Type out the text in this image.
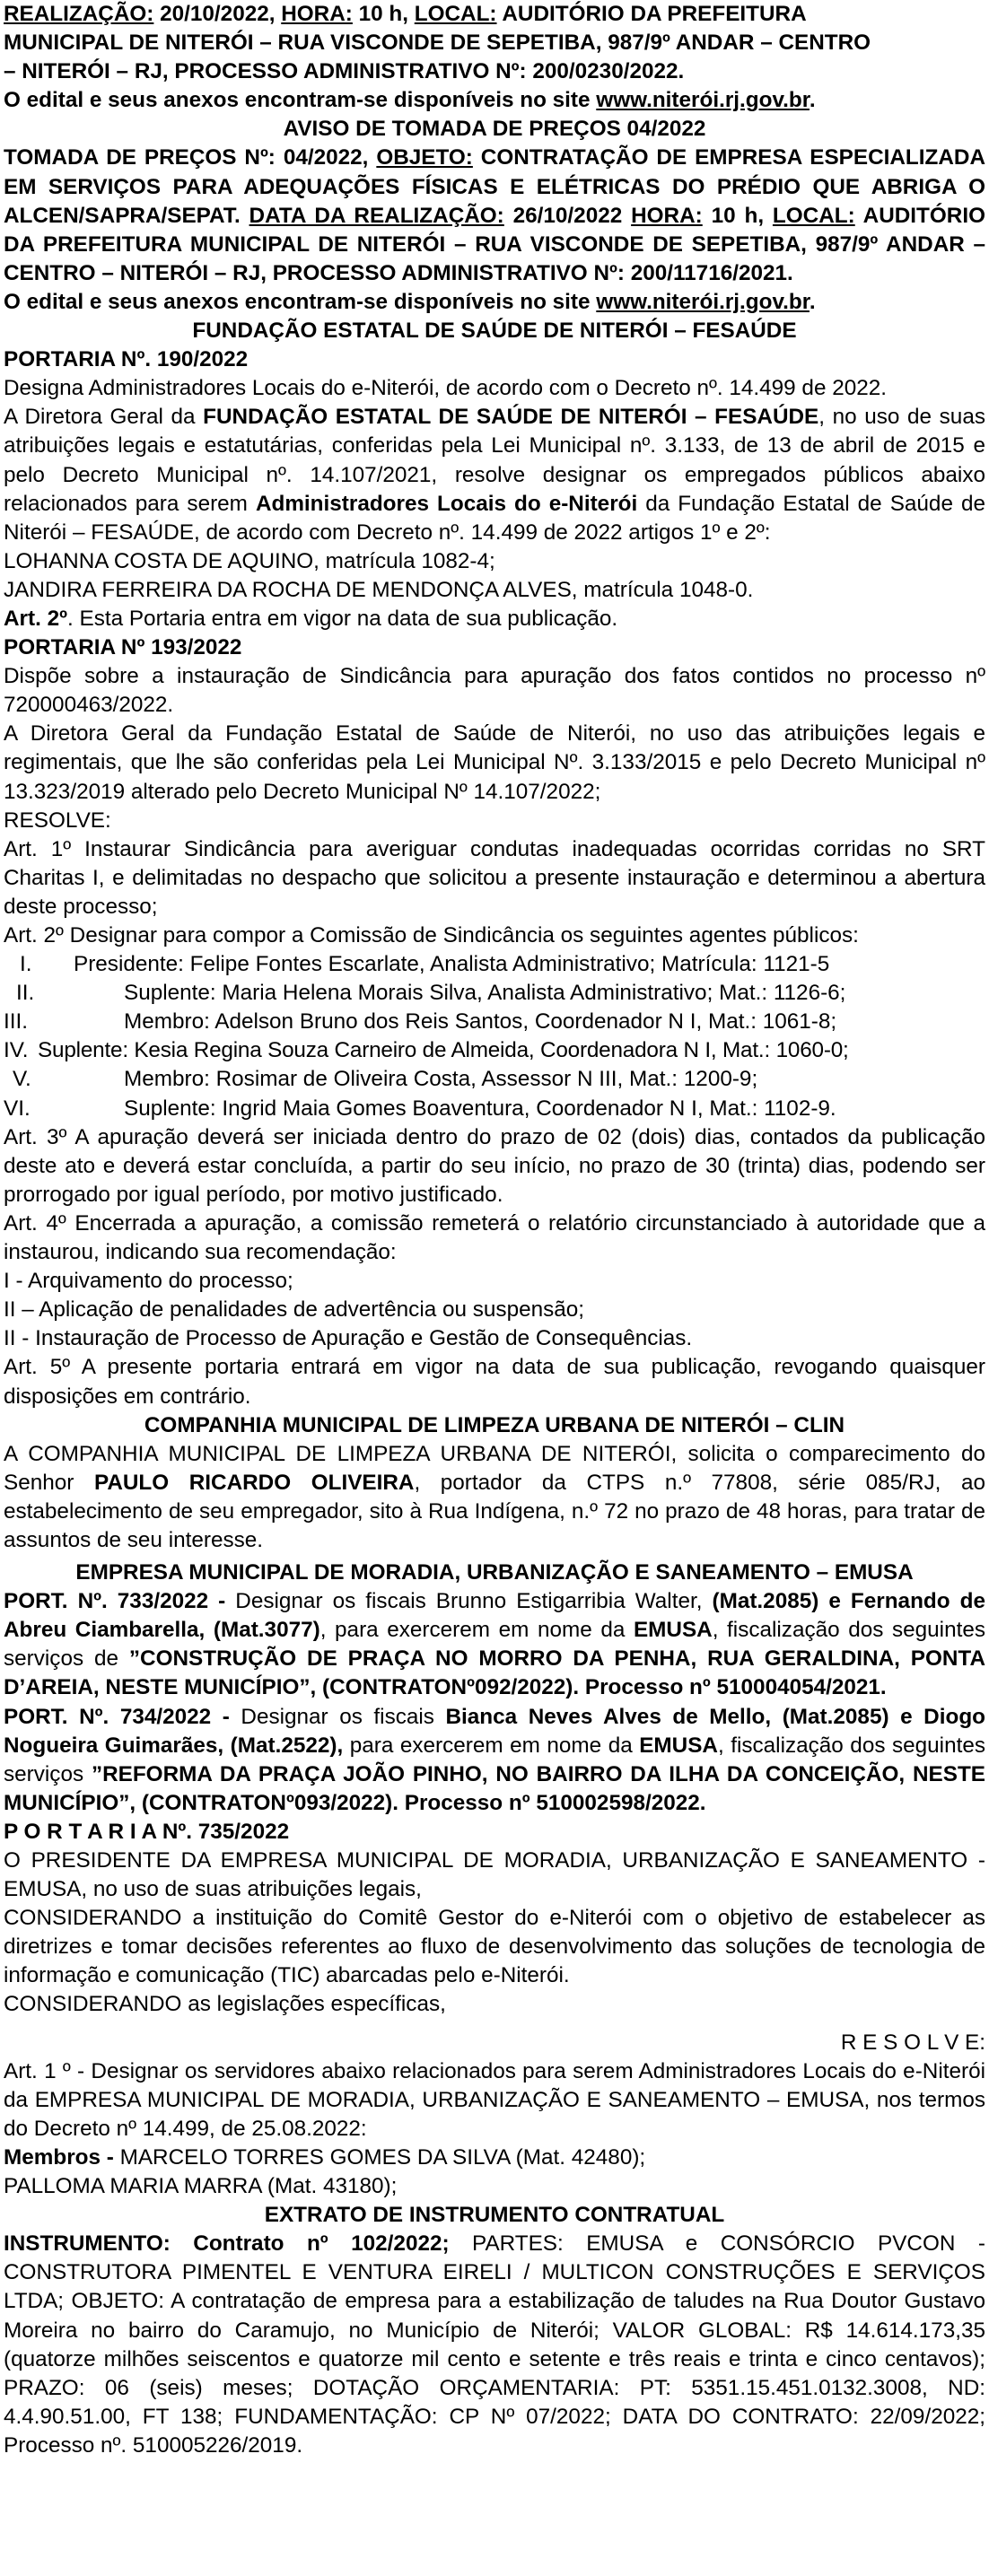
REALIZAÇÃO: 20/10/2022, HORA: 10 h, LOCAL: AUDITÓRIO DA PREFEITURA

MUNICIPAL DE NITERÓI – RUA VISCONDE DE SEPETIBA, 987/9º ANDAR – CENTRO

– NITERÓI – RJ, PROCESSO ADMINISTRATIVO Nº: 200/0230/2022.

O edital e seus anexos encontram-se disponíveis no site www.niterói.rj.gov.br.

AVISO DE TOMADA DE PREÇOS 04/2022

TOMADA DE PREÇOS Nº: 04/2022, OBJETO: CONTRATAÇÃO DE EMPRESA ESPECIALIZADA EM SERVIÇOS PARA ADEQUAÇÕES FÍSICAS E ELÉTRICAS DO PRÉDIO QUE ABRIGA O ALCEN/SAPRA/SEPAT. DATA DA REALIZAÇÃO: 26/10/2022 HORA: 10 h, LOCAL: AUDITÓRIO DA PREFEITURA MUNICIPAL DE NITERÓI – RUA VISCONDE DE SEPETIBA, 987/9º ANDAR – CENTRO – NITERÓI – RJ, PROCESSO ADMINISTRATIVO Nº: 200/11716/2021.

O edital e seus anexos encontram-se disponíveis no site www.niterói.rj.gov.br.

FUNDAÇÃO ESTATAL DE SAÚDE DE NITERÓI – FESAÚDE

PORTARIA Nº. 190/2022

Designa Administradores Locais do e-Niterói, de acordo com o Decreto nº. 14.499 de 2022.

A Diretora Geral da FUNDAÇÃO ESTATAL DE SAÚDE DE NITERÓI – FESAÚDE, no uso de suas atribuições legais e estatutárias, conferidas pela Lei Municipal nº. 3.133, de 13 de abril de 2015 e pelo Decreto Municipal nº. 14.107/2021, resolve designar os empregados públicos abaixo relacionados para serem Administradores Locais do e-Niterói da Fundação Estatal de Saúde de Niterói – FESAÚDE, de acordo com Decreto nº. 14.499 de 2022 artigos 1º e 2º:

LOHANNA COSTA DE AQUINO, matrícula 1082-4;

JANDIRA FERREIRA DA ROCHA DE MENDONÇA ALVES, matrícula 1048-0.

Art. 2º. Esta Portaria entra em vigor na data de sua publicação.

PORTARIA Nº 193/2022

Dispõe sobre a instauração de Sindicância para apuração dos fatos contidos no processo nº 720000463/2022.

A Diretora Geral da Fundação Estatal de Saúde de Niterói, no uso das atribuições legais e regimentais, que lhe são conferidas pela Lei Municipal Nº. 3.133/2015 e pelo Decreto Municipal nº 13.323/2019 alterado pelo Decreto Municipal Nº 14.107/2022;

RESOLVE:

Art. 1º Instaurar Sindicância para averiguar condutas inadequadas ocorridas corridas no SRT Charitas I, e delimitadas no despacho que solicitou a presente instauração e determinou a abertura deste processo;

Art. 2º Designar para compor a Comissão de Sindicância os seguintes agentes públicos:

I.	Presidente: Felipe Fontes Escarlate, Analista Administrativo; Matrícula: 1121-5
II.	Suplente: Maria Helena Morais Silva, Analista Administrativo; Mat.: 1126-6;
III.	Membro: Adelson Bruno dos Reis Santos, Coordenador N I, Mat.: 1061-8;
IV. Suplente: Kesia Regina Souza Carneiro de Almeida, Coordenadora N I, Mat.: 1060-0;
V.	Membro: Rosimar de Oliveira Costa, Assessor N III, Mat.: 1200-9;
VI.	Suplente: Ingrid Maia Gomes Boaventura, Coordenador N I, Mat.: 1102-9.

Art. 3º A apuração deverá ser iniciada dentro do prazo de 02 (dois) dias, contados da publicação deste ato e deverá estar concluída, a partir do seu início, no prazo de 30 (trinta) dias, podendo ser prorrogado por igual período, por motivo justificado.

Art. 4º Encerrada a apuração, a comissão remeterá o relatório circunstanciado à autoridade que a instaurou, indicando sua recomendação:

I - Arquivamento do processo;

II – Aplicação de penalidades de advertência ou suspensão;

II - Instauração de Processo de Apuração e Gestão de Consequências.

Art. 5º A presente portaria entrará em vigor na data de sua publicação, revogando quaisquer disposições em contrário.

COMPANHIA MUNICIPAL DE LIMPEZA URBANA DE NITERÓI – CLIN

A COMPANHIA MUNICIPAL DE LIMPEZA URBANA DE NITERÓI, solicita o comparecimento do Senhor PAULO RICARDO OLIVEIRA, portador da CTPS n.º 77808, série 085/RJ, ao estabelecimento de seu empregador, sito à Rua Indígena, n.º 72 no prazo de 48 horas, para tratar de assuntos de seu interesse.

EMPRESA MUNICIPAL DE MORADIA, URBANIZAÇÃO E SANEAMENTO – EMUSA

PORT. Nº. 733/2022 - Designar os fiscais Brunno Estigarribia Walter, (Mat.2085) e Fernando de Abreu Ciambarella, (Mat.3077), para exercerem em nome da EMUSA, fiscalização dos seguintes serviços de ”CONSTRUÇÃO DE PRAÇA NO MORRO DA PENHA, RUA GERALDINA, PONTA D’AREIA, NESTE MUNICÍPIO”, (CONTRATONº092/2022). Processo nº 510004054/2021.

PORT. Nº. 734/2022 - Designar os fiscais Bianca Neves Alves de Mello, (Mat.2085) e Diogo Nogueira Guimarães, (Mat.2522), para exercerem em nome da EMUSA, fiscalização dos seguintes serviços ”REFORMA DA PRAÇA JOÃO PINHO, NO BAIRRO DA ILHA DA CONCEIÇÃO, NESTE MUNICÍPIO”, (CONTRATONº093/2022). Processo nº 510002598/2022.

P O R T A R I A Nº. 735/2022

O PRESIDENTE DA EMPRESA MUNICIPAL DE MORADIA, URBANIZAÇÃO E SANEAMENTO - EMUSA, no uso de suas atribuições legais,

CONSIDERANDO a instituição do Comitê Gestor do e-Niterói com o objetivo de estabelecer as diretrizes e tomar decisões referentes ao fluxo de desenvolvimento das soluções de tecnologia de informação e comunicação (TIC) abarcadas pelo e-Niterói.

CONSIDERANDO as legislações específicas,

R E S O L V E:

Art. 1 º - Designar os servidores abaixo relacionados para serem Administradores Locais do e-Niterói da EMPRESA MUNICIPAL DE MORADIA, URBANIZAÇÃO E SANEAMENTO – EMUSA, nos termos do Decreto nº 14.499, de 25.08.2022:

Membros - MARCELO TORRES GOMES DA SILVA (Mat. 42480);

PALLOMA MARIA MARRA (Mat. 43180);

EXTRATO DE INSTRUMENTO CONTRATUAL

INSTRUMENTO: Contrato nº 102/2022; PARTES: EMUSA e CONSÓRCIO PVCON - CONSTRUTORA PIMENTEL E VENTURA EIRELI / MULTICON CONSTRUÇÕES E SERVIÇOS LTDA; OBJETO: A contratação de empresa para a estabilização de taludes na Rua Doutor Gustavo Moreira no bairro do Caramujo, no Município de Niterói; VALOR GLOBAL: R$ 14.614.173,35 (quatorze milhões seiscentos e quatorze mil cento e setente e três reais e trinta e cinco centavos); PRAZO: 06 (seis) meses; DOTAÇÃO ORÇAMENTARIA: PT: 5351.15.451.0132.3008, ND: 4.4.90.51.00, FT 138; FUNDAMENTAÇÃO: CP Nº 07/2022; DATA DO CONTRATO: 22/09/2022; Processo nº. 510005226/2019.
